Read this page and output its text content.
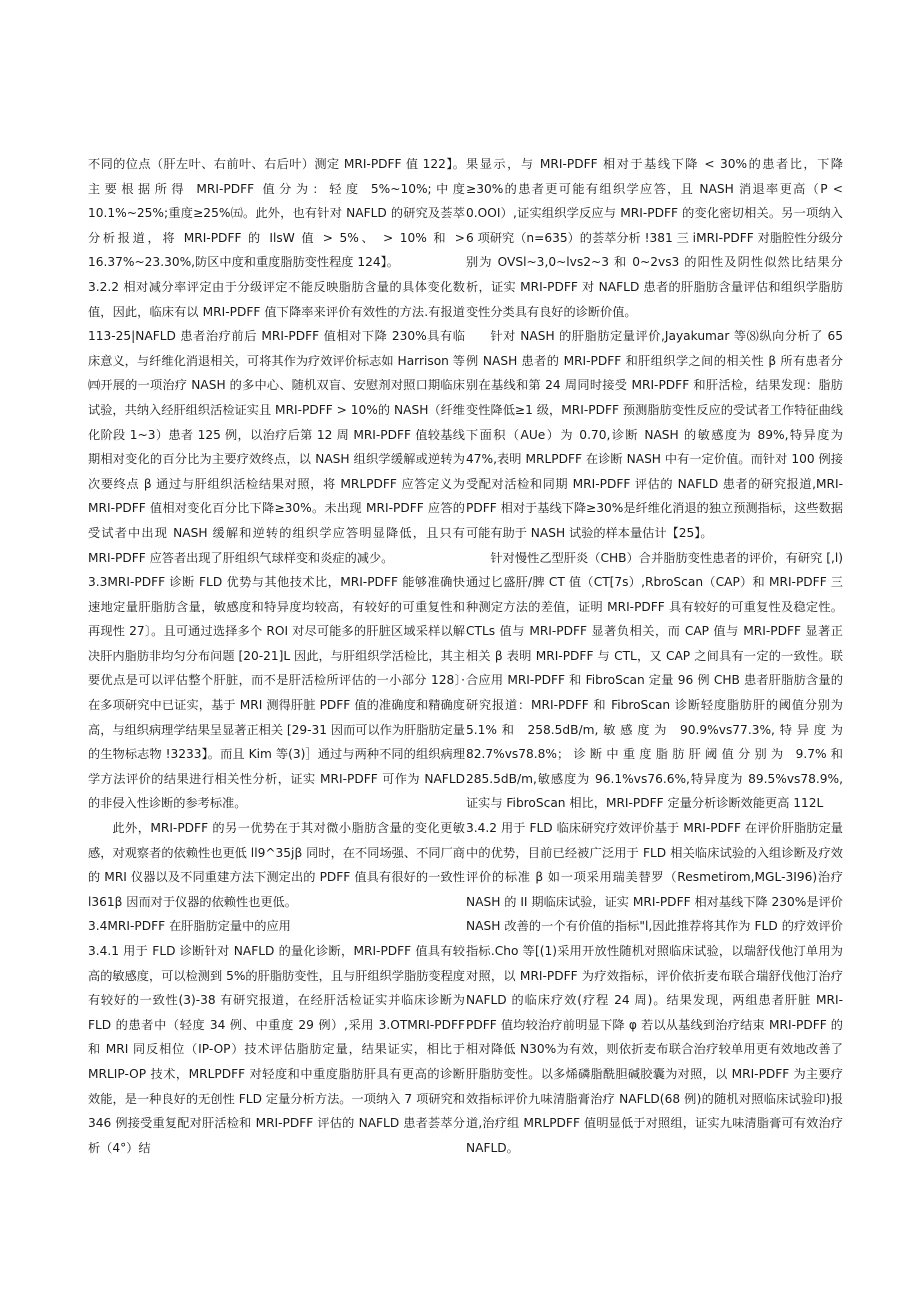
不同的位点（肝左叶、右前叶、右后叶）测定 MRI-PDFF 值 122】。主要根据所得 MRI-PDFF 值分为：轻度 5%~10%;中度 10.1%~25%;重度≥25%㈤。此外，也有针对 NAFLD 的研究及荟萃分析报道，将 MRI-PDFF 的 IlsW 值 > 5%、 > 10% 和 > 16.37%~23.30%,防区中度和重度脂肪变性程度 124】。

3.2.2 相对减分率评定由于分级评定不能反映脂肪含量的具体变化数值，因此，临床有以 MRI-PDFF 值下降率来评价有效性的方法.有报道 113-25|NAFLD 患者治疗前后 MRI-PDFF 值相对下降 230%具有临床意义，与纤维化消退相关，可将其作为疗效评价标志如 Harrison 等㈣开展的一项治疗 NASH 的多中心、随机双盲、安慰剂对照口期临床试验，共纳入经肝组织活检证实且 MRI-PDFF > 10%的 NASH（纤维化阶段 1~3）患者 125 例，以治疗后第 12 周 MRI-PDFF 值较基线期相对变化的百分比为主要疗效终点，以 NASH 组织学缓解或逆转为次要终点 β 通过与肝组织活检结果对照，将 MRLPDFF 应答定义为 MRI-PDFF 值相对变化百分比下降≥30%。未出现 MRI-PDFF 应答的受试者中出现 NASH 缓解和逆转的组织学应答明显降低，且只有 MRI-PDFF 应答者出现了肝组织气球样变和炎症的减少。

3.3MRI-PDFF 诊断 FLD 优势与其他技术比，MRI-PDFF 能够准确快速地定量肝脂肪含量，敏感度和特异度均较高，有较好的可重复性和再现性 27〕。且可通过选择多个 ROI 对尽可能多的肝脏区域采样以解决肝内脂肪非均匀分布问题 [20-21]L 因此，与肝组织学活检比，其主要优点是可以评估整个肝脏，而不是肝活检所评估的一小部分 128〕·在多项研究中已证实，基于 MRI 测得肝脏 PDFF 值的准确度和精确度高，与组织病理学结果呈显著正相关 [29-31 因而可以作为肝脂肪定量的生物标志物 !3233】。而且 Kim 等(3)］通过与两种不同的组织病理学方法评价的结果进行相关性分析，证实 MRI-PDFF 可作为 NAFLD 的非侵入性诊断的参考标准。

此外，MRI-PDFF 的另一优势在于其对微小脂肪含量的变化更敏感，对观察者的依赖性也更低 ll9^35jβ 同时，在不同场强、不同厂商的 MRI 仪器以及不同重建方法下测定出的 PDFF 值具有很好的一致性 l361β 因而对于仪器的依赖性也更低。

3.4MRI-PDFF 在肝脂肪定量中的应用

3.4.1 用于 FLD 诊断针对 NAFLD 的量化诊断，MRI-PDFF 值具有较高的敏感度，可以检测到 5%的肝脂肪变性，且与肝组织学脂肪变程度有较好的一致性(3)-38 有研究报道，在经肝活检证实并临床诊断为 FLD 的患者中（轻度 34 例、中重度 29 例）,采用 3.OTMRI-PDFF 和 MRI 同反相位（IP-OP）技术评估脂肪定量，结果证实，相比于 MRLIP-OP 技术，MRLPDFF 对轻度和中重度脂肪肝具有更高的诊断效能，是一种良好的无创性 FLD 定量分析方法。一项纳入 7 项研究和 346 例接受重复配对肝活检和 MRI-PDFF 评估的 NAFLD 患者荟萃分析（4°）结

果显示，与 MRI-PDFF 相对于基线下降 < 30%的患者比，下降≥30%的患者更可能有组织学应答，且 NASH 消退率更高（P < 0.OOI）,证实组织学反应与 MRI-PDFF 的变化密切相关。另一项纳入 6 项研究（n=635）的荟萃分析 !381 三 iMRI-PDFF 对脂腔性分级分别为 OVSl~3,0~lvs2~3 和 0~2vs3 的阳性及阴性似然比结果分析，证实 MRI-PDFF 对 NAFLD 患者的肝脂肪含量评估和组织学脂肪变性分类具有良好的诊断价值。

针对 NASH 的肝脂肪定量评价,Jayakumar 等⑻纵向分析了 65 例 NASH 患者的 MRI-PDFF 和肝组织学之间的相关性 β 所有患者分别在基线和第 24 周同时接受 MRI-PDFF 和肝活检，结果发现：脂肪变性降低≥1 级，MRI-PDFF 预测脂肪变性反应的受试者工作特征曲线下面积（AUe）为 0.70,诊断 NASH 的敏感度为 89%,特异度为 47%,表明 MRLPDFF 在诊断 NASH 中有一定价值。而针对 100 例接受配对活检和同期 MRI-PDFF 评估的 NAFLD 患者的研究报道,MRI-PDFF 相对于基线下降≥30%是纤维化消退的独立预测指标，这些数据可能有助于 NASH 试验的样本量估计【25】。

针对慢性乙型肝炎（CHB）合并脂肪变性患者的评价，有研究 [,l) 通过匕盛肝/脾 CT 值（CT[7s）,RbroScan（CAP）和 MRI-PDFF 三种测定方法的差值，证明 MRI-PDFF 具有较好的可重复性及稳定性。CTLs 值与 MRI-PDFF 显著负相关，而 CAP 值与 MRI-PDFF 显著正相关 β 表明 MRI-PDFF 与 CTL，又 CAP 之间具有一定的一致性。联合应用 MRI-PDFF 和 FibroScan 定量 96 例 CHB 患者肝脂肪含量的研究报道：MRI-PDFF 和 FibroScan 诊断轻度脂肪肝的阈值分别为 5.1%和 258.5dB/m,敏感度为 90.9%vs77.3%,特异度为 82.7%vs78.8%；诊断中重度脂肪肝阈值分别为 9.7%和 285.5dB/m,敏感度为 96.1%vs76.6%,特异度为 89.5%vs78.9%,证实与 FibroScan 相比，MRI-PDFF 定量分析诊断效能更高 112L

3.4.2 用于 FLD 临床研究疗效评价基于 MRI-PDFF 在评价肝脂肪定量中的优势，目前已经被广泛用于 FLD 相关临床试验的入组诊断及疗效评价的标准 β 如一项采用瑞美替罗（Resmetirom,MGL-3I96)治疗 NASH 的 II 期临床试验，证实 MRI-PDFF 相对基线下降 230%是评价 NASH 改善的一个有价值的指标"l,因此推荐将其作为 FLD 的疗效评价指标.Cho 等[(1)采用开放性随机对照临床试验，以瑞舒伐他汀单用为对照，以 MRI-PDFF 为疗效指标，评价依折麦布联合瑞舒伐他汀治疗 NAFLD 的临床疗效(疗程 24 周)。结果发现，两组患者肝脏 MRI-PDFF 值均较治疗前明显下降 φ 若以从基线到治疗结束 MRI-PDFF 的相对降低 N30%为有效，则依折麦布联合治疗较单用更有效地改善了肝脂肪变性。以多烯磷脂酰胆碱胶囊为对照，以 MRI-PDFF 为主要疗效指标评价九味清脂膏治疗 NAFLD(68 例)的随机对照临床试验印)报道,治疗组 MRLPDFF 值明显低于对照组，证实九味清脂膏可有效治疗 NAFLD。
